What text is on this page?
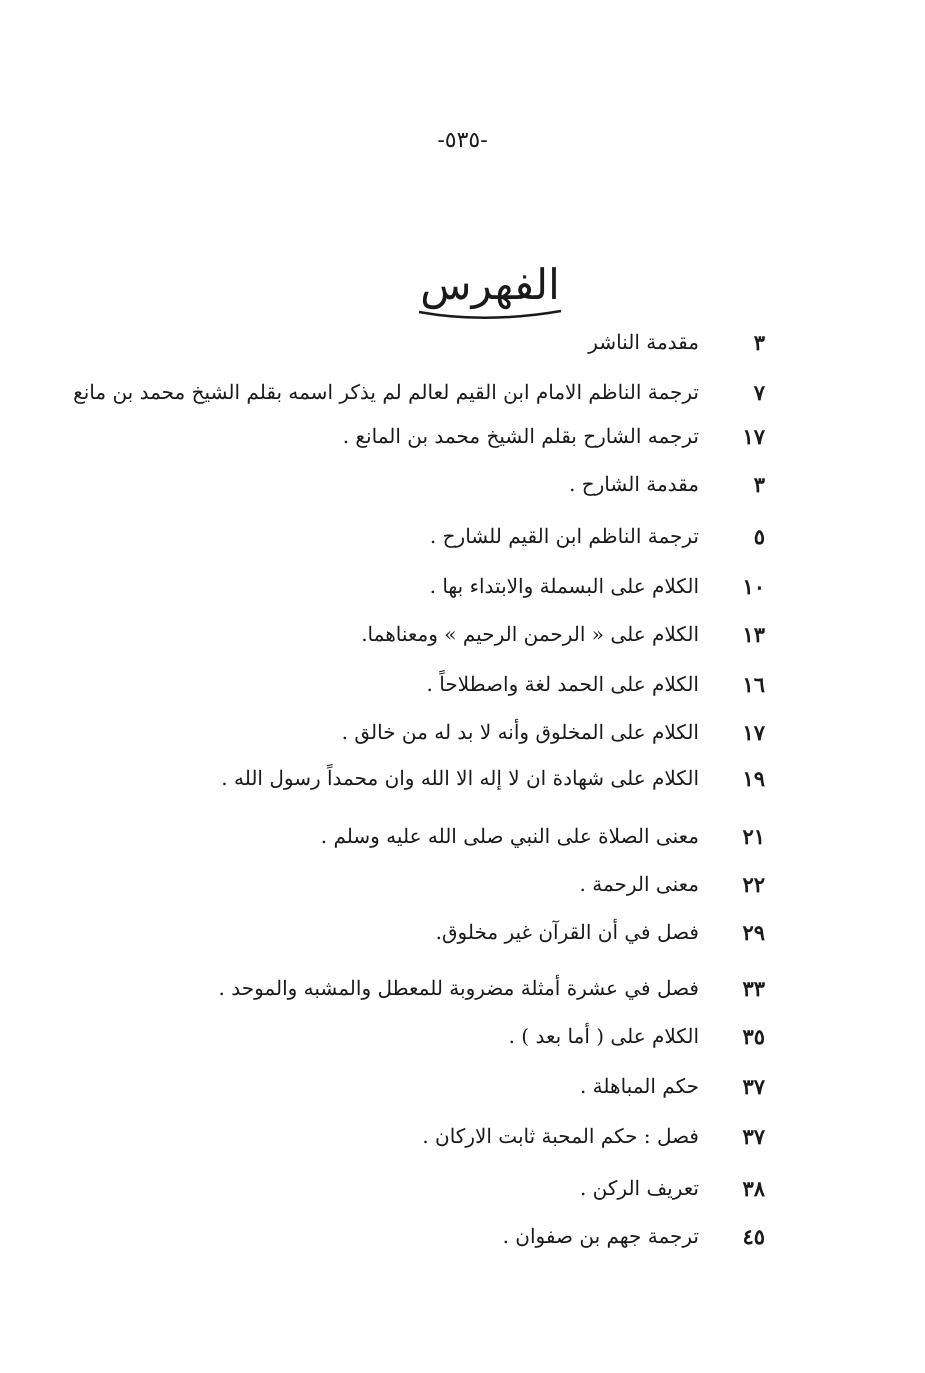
-٥٣٥-
الفهرس
٣
مقدمة الناشر
٧
ترجمة الناظم الامام ابن القيم لعالم لم يذكر اسمه بقلم الشيخ محمد بن مانع
١٧
ترجمه الشارح بقلم الشيخ محمد بن المانع .
٣
مقدمة الشارح .
٥
ترجمة الناظم ابن القيم للشارح .
١٠
الكلام على البسملة والابتداء بها .
١٣
الكلام على « الرحمن الرحيم » ومعناهما.
١٦
الكلام على الحمد لغة واصطلاحاً .
١٧
الكلام على المخلوق وأنه لا بد له من خالق .
١٩
الكلام على شهادة ان لا إله الا الله وان محمداً رسول الله .
٢١
معنى الصلاة على النبي صلى الله عليه وسلم .
٢٢
معنى الرحمة .
٢٩
فصل في أن القرآن غير مخلوق.
٣٣
فصل في عشرة أمثلة مضروبة للمعطل والمشبه والموحد .
٣٥
الكلام على ( أما بعد ) .
٣٧
حكم المباهلة .
٣٧
فصل : حكم المحبة ثابت الاركان .
٣٨
تعريف الركن .
٤٥
ترجمة جهم بن صفوان .
